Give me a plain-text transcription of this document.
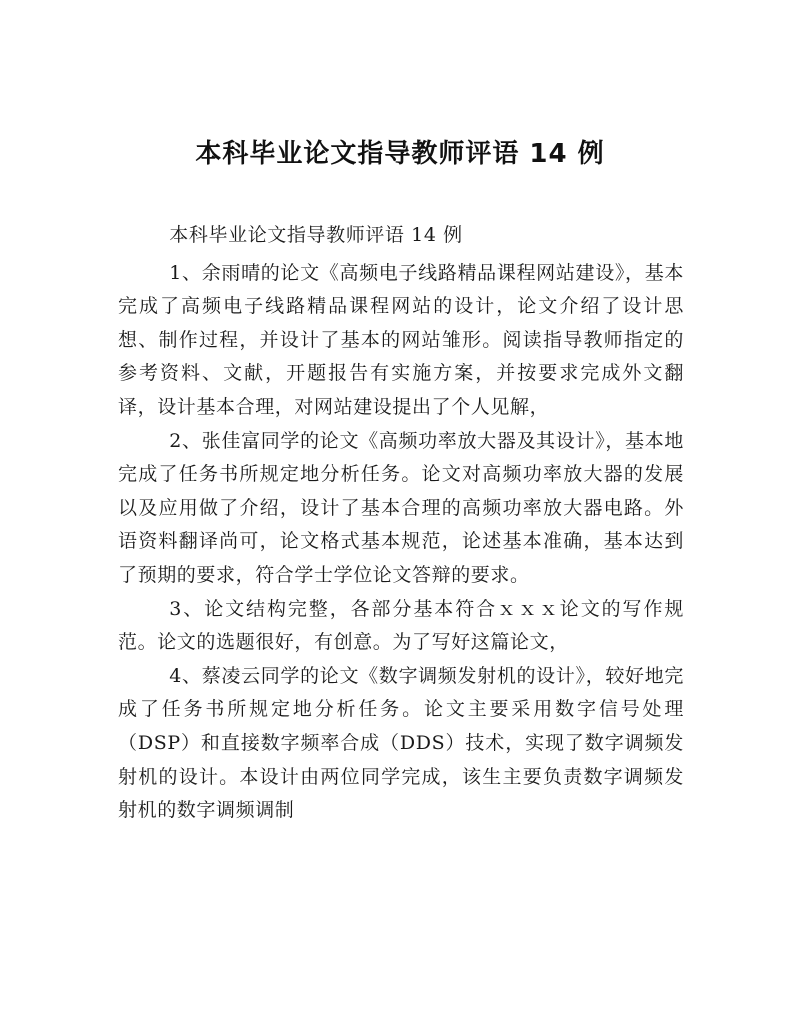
本科毕业论文指导教师评语 14 例

本科毕业论文指导教师评语 14 例

1、余雨晴的论文《高频电子线路精品课程网站建设》，基本完成了高频电子线路精品课程网站的设计，论文介绍了设计思想、制作过程，并设计了基本的网站雏形。阅读指导教师指定的参考资料、文献，开题报告有实施方案，并按要求完成外文翻译，设计基本合理，对网站建设提出了个人见解，

2、张佳富同学的论文《高频功率放大器及其设计》，基本地完成了任务书所规定地分析任务。论文对高频功率放大器的发展以及应用做了介绍，设计了基本合理的高频功率放大器电路。外语资料翻译尚可，论文格式基本规范，论述基本准确，基本达到了预期的要求，符合学士学位论文答辩的要求。

3、论文结构完整，各部分基本符合ｘｘｘ论文的写作规范。论文的选题很好，有创意。为了写好这篇论文，

4、蔡凌云同学的论文《数字调频发射机的设计》，较好地完成了任务书所规定地分析任务。论文主要采用数字信号处理（DSP）和直接数字频率合成（DDS）技术，实现了数字调频发射机的设计。本设计由两位同学完成，该生主要负责数字调频发射机的数字调频调制
